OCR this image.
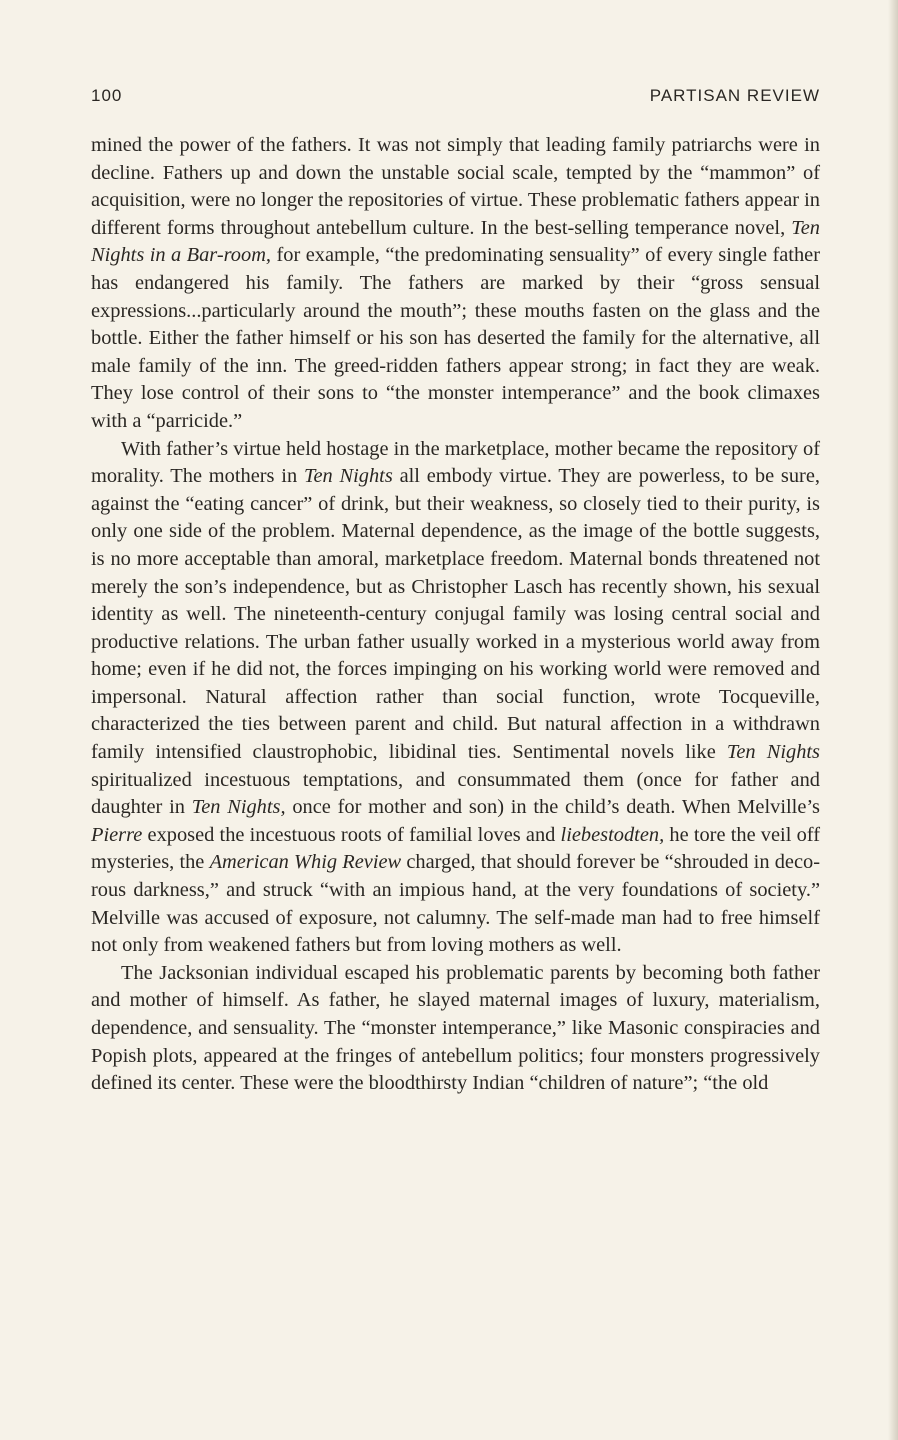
100	PARTISAN REVIEW

mined the power of the fathers. It was not simply that leading family patriarchs were in decline. Fathers up and down the unstable social scale, tempted by the “mammon” of acquisition, were no longer the repositories of virtue. These problematic fathers appear in different forms throughout antebellum culture. In the best-selling temperance novel, Ten Nights in a Bar-room, for example, “the predominating sensuality” of every single father has endangered his family. The fathers are marked by their “gross sensual expressions...particularly around the mouth”; these mouths fasten on the glass and the bottle. Either the father himself or his son has deserted the family for the alternative, all male family of the inn. The greed-ridden fathers appear strong; in fact they are weak. They lose control of their sons to “the monster intemperance” and the book climaxes with a “parricide.”

With father’s virtue held hostage in the marketplace, mother became the repository of morality. The mothers in Ten Nights all embody virtue. They are powerless, to be sure, against the “eating cancer” of drink, but their weakness, so closely tied to their purity, is only one side of the problem. Maternal dependence, as the image of the bottle suggests, is no more acceptable than amoral, marketplace freedom. Maternal bonds threatened not merely the son’s independence, but as Christopher Lasch has recently shown, his sexual identity as well. The nineteenth-century conjugal family was losing central social and productive relations. The urban father usually worked in a mysterious world away from home; even if he did not, the forces impinging on his working world were removed and impersonal. Natural affection rather than social function, wrote Tocqueville, characterized the ties between parent and child. But natural affection in a withdrawn family intensified claustrophobic, libidinal ties. Sentimental novels like Ten Nights spiritualized incestuous temptations, and consummated them (once for father and daughter in Ten Nights, once for mother and son) in the child’s death. When Melville’s Pierre exposed the incestuous roots of familial loves and liebestodten, he tore the veil off mysteries, the American Whig Review charged, that should forever be “shrouded in decorous darkness,” and struck “with an impious hand, at the very foundations of society.” Melville was accused of exposure, not calumny. The self-made man had to free himself not only from weakened fathers but from loving mothers as well.

The Jacksonian individual escaped his problematic parents by becoming both father and mother of himself. As father, he slayed maternal images of luxury, materialism, dependence, and sensuality. The “monster intemperance,” like Masonic conspiracies and Popish plots, appeared at the fringes of antebellum politics; four monsters progressively defined its center. These were the bloodthirsty Indian “children of nature”; “the old
